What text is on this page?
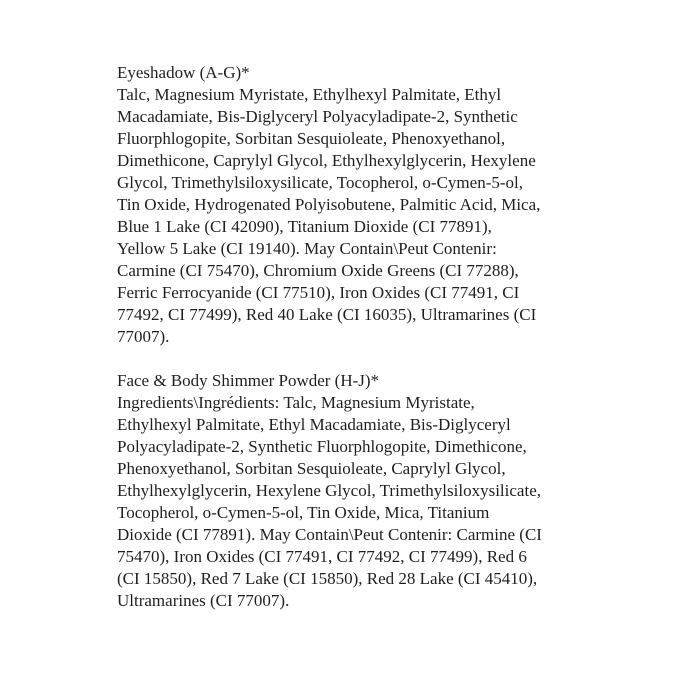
Eyeshadow (A-G)*
Talc, Magnesium Myristate, Ethylhexyl Palmitate, Ethyl
Macadamiate, Bis-Diglyceryl Polyacyladipate-2, Synthetic
Fluorphlogopite, Sorbitan Sesquioleate, Phenoxyethanol,
Dimethicone, Caprylyl Glycol, Ethylhexylglycerin, Hexylene
Glycol, Trimethylsiloxysilicate, Tocopherol, o-Cymen-5-ol,
Tin Oxide, Hydrogenated Polyisobutene, Palmitic Acid, Mica,
Blue 1 Lake (CI 42090), Titanium Dioxide (CI 77891),
Yellow 5 Lake (CI 19140). May Contain\Peut Contenir:
Carmine (CI 75470), Chromium Oxide Greens (CI 77288),
Ferric Ferrocyanide (CI 77510), Iron Oxides (CI 77491, CI
77492, CI 77499), Red 40 Lake (CI 16035), Ultramarines (CI
77007).
Face & Body Shimmer Powder (H-J)*
Ingredients\Ingrédients: Talc, Magnesium Myristate,
Ethylhexyl Palmitate, Ethyl Macadamiate, Bis-Diglyceryl
Polyacyladipate-2, Synthetic Fluorphlogopite, Dimethicone,
Phenoxyethanol, Sorbitan Sesquioleate, Caprylyl Glycol,
Ethylhexylglycerin, Hexylene Glycol, Trimethylsiloxysilicate,
Tocopherol, o-Cymen-5-ol, Tin Oxide, Mica, Titanium
Dioxide (CI 77891). May Contain\Peut Contenir: Carmine (CI
75470), Iron Oxides (CI 77491, CI 77492, CI 77499), Red 6
(CI 15850), Red 7 Lake (CI 15850), Red 28 Lake (CI 45410),
Ultramarines (CI 77007).
